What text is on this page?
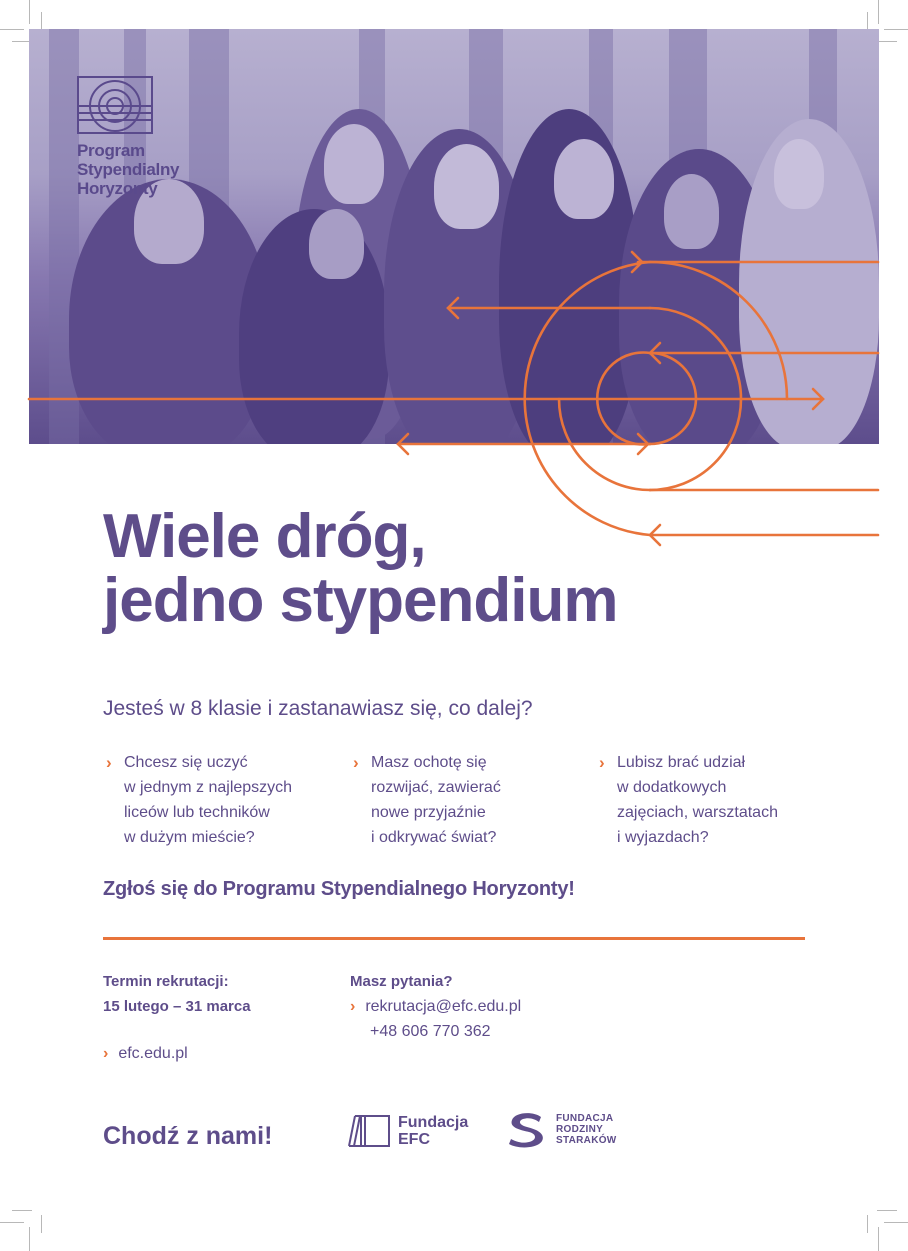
Program
Stypendialny
Horyzonty
Wiele dróg,
jedno stypendium
Jesteś w 8 klasie i zastanawiasz się, co dalej?
› Chcesz się uczyć
w jednym z najlepszych
liceów lub techników
w dużym mieście?
› Masz ochotę się
rozwijać, zawierać
nowe przyjaźnie
i odkrywać świat?
› Lubisz brać udział
w dodatkowych
zajęciach, warsztatach
i wyjazdach?
Zgłoś się do Programu Stypendialnego Horyzonty!
Termin rekrutacji:
15 lutego – 31 marca
› efc.edu.pl
Masz pytania?
› rekrutacja@efc.edu.pl
+48 606 770 362
Chodź z nami!	Fundacja
EFC
FUNDACJA
RODZINY
STARAKÓW
